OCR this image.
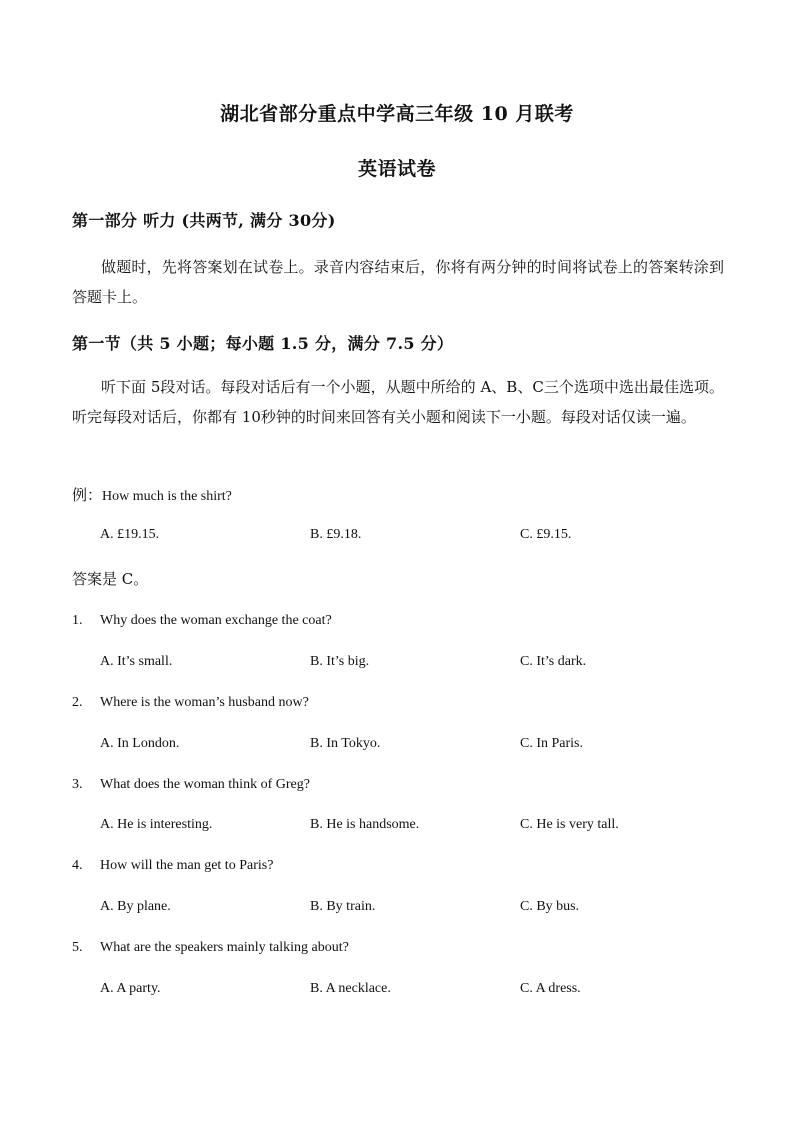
湖北省部分重点中学高三年级 10 月联考
英语试卷
第一部分 听力 (共两节, 满分 30分)
做题时，先将答案划在试卷上。录音内容结束后，你将有两分钟的时间将试卷上的答案转涂到答题卡上。
第一节（共 5 小题；每小题 1.5 分，满分 7.5 分）
听下面 5段对话。每段对话后有一个小题，从题中所给的 A、B、C三个选项中选出最佳选项。听完每段对话后，你都有 10秒钟的时间来回答有关小题和阅读下一小题。每段对话仅读一遍。
例：How much is the shirt?
A. £19.15.	B. £9.18.	C. £9.15.
答案是 C。
1. Why does the woman exchange the coat?
A. It’s small.	B. It’s big.	C. It’s dark.
2. Where is the woman’s husband now?
A. In London.	B. In Tokyo.	C. In Paris.
3. What does the woman think of Greg?
A. He is interesting.	B. He is handsome.	C. He is very tall.
4. How will the man get to Paris?
A. By plane.	B. By train.	C. By bus.
5. What are the speakers mainly talking about?
A. A party.	B. A necklace.	C. A dress.
